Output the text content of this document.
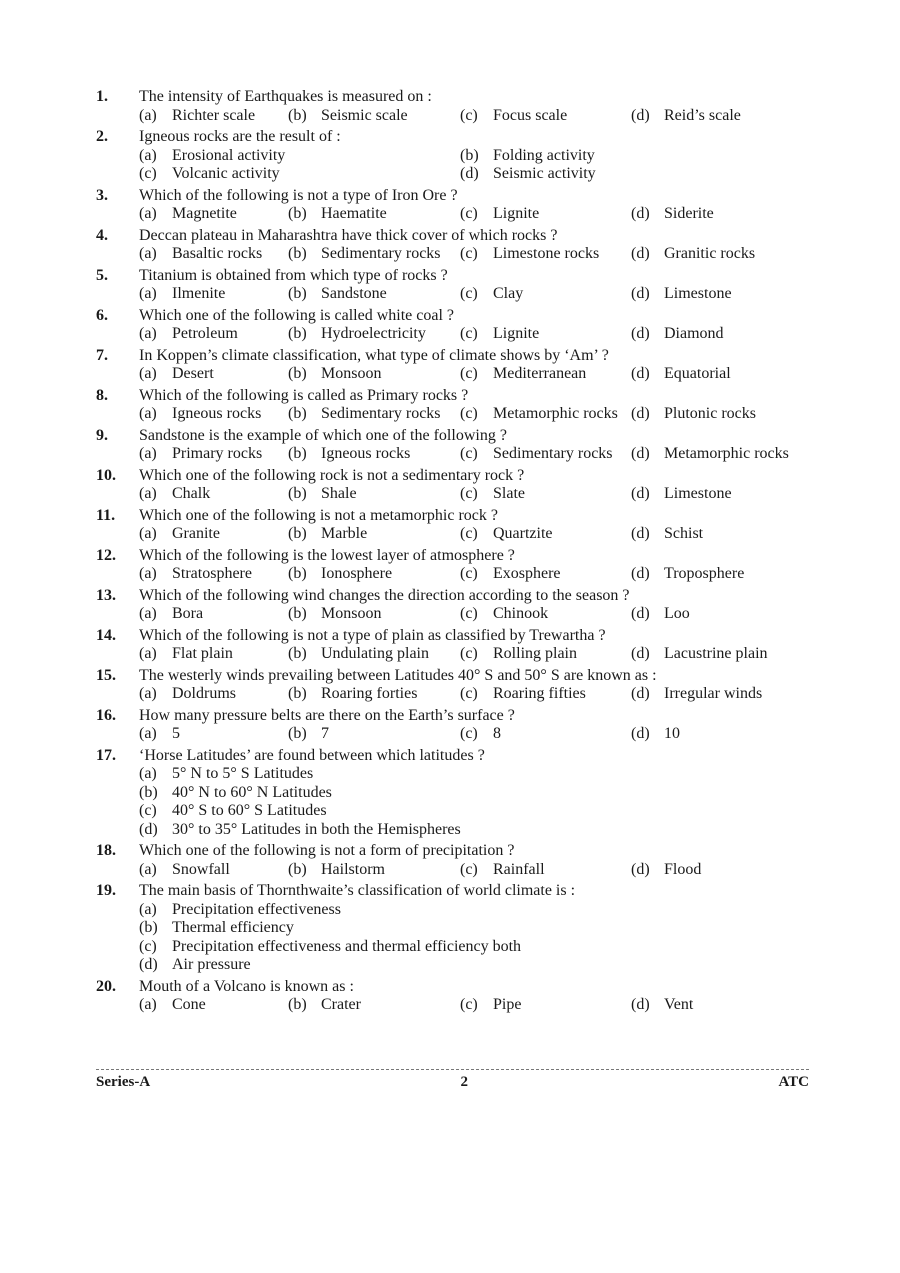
1. The intensity of Earthquakes is measured on :
(a) Richter scale	(b) Seismic scale	(c) Focus scale	(d) Reid’s scale
2. Igneous rocks are the result of :
(a) Erosional activity	(b) Folding activity
(c) Volcanic activity	(d) Seismic activity
3. Which of the following is not a type of Iron Ore ?
(a) Magnetite	(b) Haematite	(c) Lignite	(d) Siderite
4. Deccan plateau in Maharashtra have thick cover of which rocks ?
(a) Basaltic rocks	(b) Sedimentary rocks	(c) Limestone rocks	(d) Granitic rocks
5. Titanium is obtained from which type of rocks ?
(a) Ilmenite	(b) Sandstone	(c) Clay	(d) Limestone
6. Which one of the following is called white coal ?
(a) Petroleum	(b) Hydroelectricity	(c) Lignite	(d) Diamond
7. In Koppen’s climate classification, what type of climate shows by ‘Am’ ?
(a) Desert	(b) Monsoon	(c) Mediterranean	(d) Equatorial
8. Which of the following is called as Primary rocks ?
(a) Igneous rocks	(b) Sedimentary rocks	(c) Metamorphic rocks (d) Plutonic rocks
9. Sandstone is the example of which one of the following ?
(a) Primary rocks	(b) Igneous rocks	(c) Sedimentary rocks	(d) Metamorphic rocks
10. Which one of the following rock is not a sedimentary rock ?
(a) Chalk	(b) Shale	(c) Slate	(d) Limestone
11. Which one of the following is not a metamorphic rock ?
(a) Granite	(b) Marble	(c) Quartzite	(d) Schist
12. Which of the following is the lowest layer of atmosphere ?
(a) Stratosphere	(b) Ionosphere	(c) Exosphere	(d) Troposphere
13. Which of the following wind changes the direction according to the season ?
(a) Bora	(b) Monsoon	(c) Chinook	(d) Loo
14. Which of the following is not a type of plain as classified by Trewartha ?
(a) Flat plain	(b) Undulating plain	(c) Rolling plain	(d) Lacustrine plain
15. The westerly winds prevailing between Latitudes 40° S and 50° S are known as :
(a) Doldrums	(b) Roaring forties	(c) Roaring fifties	(d) Irregular winds
16. How many pressure belts are there on the Earth’s surface ?
(a) 5	(b) 7	(c) 8	(d) 10
17. ‘Horse Latitudes’ are found between which latitudes ?
(a) 5° N to 5° S Latitudes
(b) 40° N to 60° N Latitudes
(c) 40° S to 60° S Latitudes
(d) 30° to 35° Latitudes in both the Hemispheres
18. Which one of the following is not a form of precipitation ?
(a) Snowfall	(b) Hailstorm	(c) Rainfall	(d) Flood
19. The main basis of Thornthwaite’s classification of world climate is :
(a) Precipitation effectiveness
(b) Thermal efficiency
(c) Precipitation effectiveness and thermal efficiency both
(d) Air pressure
20. Mouth of a Volcano is known as :
(a) Cone	(b) Crater	(c) Pipe	(d) Vent
Series-A	2	ATC
